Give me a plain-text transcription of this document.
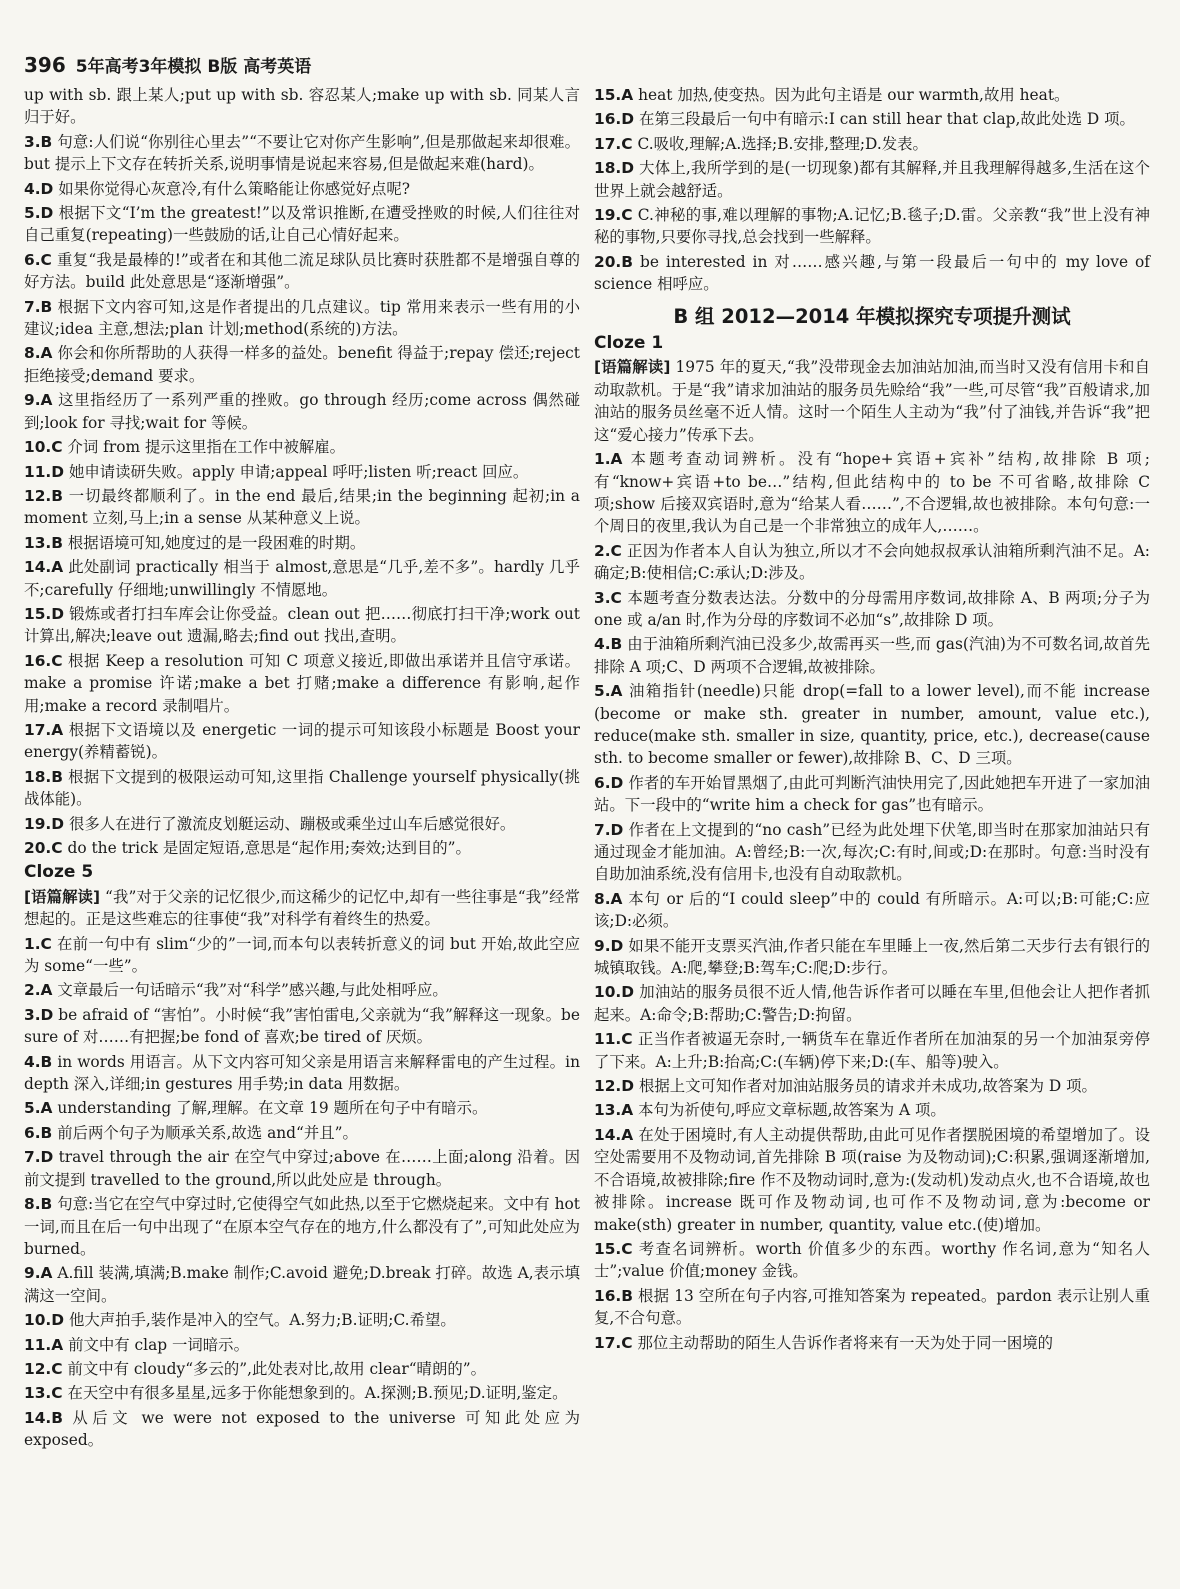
396 5年高考3年模拟 B版 高考英语
up with sb. 跟上某人;put up with sb. 容忍某人;make up with sb. 同某人言归于好。
3.B 句意:人们说“你别往心里去”“不要让它对你产生影响”,但是那做起来却很难。but 提示上下文存在转折关系,说明事情是说起来容易,但是做起来难(hard)。
4.D 如果你觉得心灰意冷,有什么策略能让你感觉好点呢?
5.D 根据下文“I’m the greatest!”以及常识推断,在遭受挫败的时候,人们往往对自己重复(repeating)一些鼓励的话,让自己心情好起来。
6.C 重复“我是最棒的!”或者在和其他二流足球队员比赛时获胜都不是增强自尊的好方法。build 此处意思是“逐渐增强”。
7.B 根据下文内容可知,这是作者提出的几点建议。tip 常用来表示一些有用的小建议;idea 主意,想法;plan 计划;method(系统的)方法。
8.A 你会和你所帮助的人获得一样多的益处。benefit 得益于;repay 偿还;reject 拒绝接受;demand 要求。
9.A 这里指经历了一系列严重的挫败。go through 经历;come across 偶然碰到;look for 寻找;wait for 等候。
10.C 介词 from 提示这里指在工作中被解雇。
11.D 她申请读研失败。apply 申请;appeal 呼吁;listen 听;react 回应。
12.B 一切最终都顺利了。in the end 最后,结果;in the beginning 起初;in a moment 立刻,马上;in a sense 从某种意义上说。
13.B 根据语境可知,她度过的是一段困难的时期。
14.A 此处副词 practically 相当于 almost,意思是“几乎,差不多”。hardly 几乎不;carefully 仔细地;unwillingly 不情愿地。
15.D 锻炼或者打扫车库会让你受益。clean out 把……彻底打扫干净;work out 计算出,解决;leave out 遗漏,略去;find out 找出,查明。
16.C 根据 Keep a resolution 可知 C 项意义接近,即做出承诺并且信守承诺。make a promise 许诺;make a bet 打赌;make a difference 有影响,起作用;make a record 录制唱片。
17.A 根据下文语境以及 energetic 一词的提示可知该段小标题是 Boost your energy(养精蓄锐)。
18.B 根据下文提到的极限运动可知,这里指 Challenge yourself physically(挑战体能)。
19.D 很多人在进行了激流皮划艇运动、蹦极或乘坐过山车后感觉很好。
20.C do the trick 是固定短语,意思是“起作用;奏效;达到目的”。
Cloze 5
[语篇解读] “我”对于父亲的记忆很少,而这稀少的记忆中,却有一些往事是“我”经常想起的。正是这些难忘的往事使“我”对科学有着终生的热爱。
1.C 在前一句中有 slim“少的”一词,而本句以表转折意义的词 but 开始,故此空应为 some“一些”。
2.A 文章最后一句话暗示“我”对“科学”感兴趣,与此处相呼应。
3.D be afraid of “害怕”。小时候“我”害怕雷电,父亲就为“我”解释这一现象。be sure of 对……有把握;be fond of 喜欢;be tired of 厌烦。
4.B in words 用语言。从下文内容可知父亲是用语言来解释雷电的产生过程。in depth 深入,详细;in gestures 用手势;in data 用数据。
5.A understanding 了解,理解。在文章 19 题所在句子中有暗示。
6.B 前后两个句子为顺承关系,故选 and“并且”。
7.D travel through the air 在空气中穿过;above 在……上面;along 沿着。因前文提到 travelled to the ground,所以此处应是 through。
8.B 句意:当它在空气中穿过时,它使得空气如此热,以至于它燃烧起来。文中有 hot 一词,而且在后一句中出现了“在原本空气存在的地方,什么都没有了”,可知此处应为 burned。
9.A A.fill 装满,填满;B.make 制作;C.avoid 避免;D.break 打碎。故选 A,表示填满这一空间。
10.D 他大声拍手,装作是冲入的空气。A.努力;B.证明;C.希望。
11.A 前文中有 clap 一词暗示。
12.C 前文中有 cloudy“多云的”,此处表对比,故用 clear“晴朗的”。
13.C 在天空中有很多星星,远多于你能想象到的。A.探测;B.预见;D.证明,鉴定。
14.B 从后文 we were not exposed to the universe 可知此处应为 exposed。
15.A heat 加热,使变热。因为此句主语是 our warmth,故用 heat。
16.D 在第三段最后一句中有暗示:I can still hear that clap,故此处选 D 项。
17.C C.吸收,理解;A.选择;B.安排,整理;D.发表。
18.D 大体上,我所学到的是(一切现象)都有其解释,并且我理解得越多,生活在这个世界上就会越舒适。
19.C C.神秘的事,难以理解的事物;A.记忆;B.毯子;D.雷。父亲教“我”世上没有神秘的事物,只要你寻找,总会找到一些解释。
20.B be interested in 对……感兴趣,与第一段最后一句中的 my love of science 相呼应。
B 组 2012—2014 年模拟探究专项提升测试
Cloze 1
[语篇解读] 1975 年的夏天,“我”没带现金去加油站加油,而当时又没有信用卡和自动取款机。于是“我”请求加油站的服务员先赊给“我”一些,可尽管“我”百般请求,加油站的服务员丝毫不近人情。这时一个陌生人主动为“我”付了油钱,并告诉“我”把这“爱心接力”传承下去。
1.A 本题考查动词辨析。没有“hope+宾语+宾补”结构,故排除 B 项;有“know+宾语+to be…”结构,但此结构中的 to be 不可省略,故排除 C 项;show 后接双宾语时,意为“给某人看……”,不合逻辑,故也被排除。本句句意:一个周日的夜里,我认为自己是一个非常独立的成年人,……。
2.C 正因为作者本人自认为独立,所以才不会向她叔叔承认油箱所剩汽油不足。A:确定;B:使相信;C:承认;D:涉及。
3.C 本题考查分数表达法。分数中的分母需用序数词,故排除 A、B 两项;分子为 one 或 a/an 时,作为分母的序数词不必加“s”,故排除 D 项。
4.B 由于油箱所剩汽油已没多少,故需再买一些,而 gas(汽油)为不可数名词,故首先排除 A 项;C、D 两项不合逻辑,故被排除。
5.A 油箱指针(needle)只能 drop(=fall to a lower level),而不能 increase (become or make sth. greater in number, amount, value etc.), reduce(make sth. smaller in size, quantity, price, etc.), decrease(cause sth. to become smaller or fewer),故排除 B、C、D 三项。
6.D 作者的车开始冒黑烟了,由此可判断汽油快用完了,因此她把车开进了一家加油站。下一段中的“write him a check for gas”也有暗示。
7.D 作者在上文提到的“no cash”已经为此处埋下伏笔,即当时在那家加油站只有通过现金才能加油。A:曾经;B:一次,每次;C:有时,间或;D:在那时。句意:当时没有自助加油系统,没有信用卡,也没有自动取款机。
8.A 本句 or 后的“I could sleep”中的 could 有所暗示。A:可以;B:可能;C:应该;D:必须。
9.D 如果不能开支票买汽油,作者只能在车里睡上一夜,然后第二天步行去有银行的城镇取钱。A:爬,攀登;B:驾车;C:爬;D:步行。
10.D 加油站的服务员很不近人情,他告诉作者可以睡在车里,但他会让人把作者抓起来。A:命令;B:帮助;C:警告;D:拘留。
11.C 正当作者被逼无奈时,一辆货车在靠近作者所在加油泵的另一个加油泵旁停了下来。A:上升;B:抬高;C:(车辆)停下来;D:(车、船等)驶入。
12.D 根据上文可知作者对加油站服务员的请求并未成功,故答案为 D 项。
13.A 本句为祈使句,呼应文章标题,故答案为 A 项。
14.A 在处于困境时,有人主动提供帮助,由此可见作者摆脱困境的希望增加了。设空处需要用不及物动词,首先排除 B 项(raise 为及物动词);C:积累,强调逐渐增加,不合语境,故被排除;fire 作不及物动词时,意为:(发动机)发动点火,也不合语境,故也被排除。increase 既可作及物动词,也可作不及物动词,意为:become or make(sth) greater in number, quantity, value etc.(使)增加。
15.C 考查名词辨析。worth 价值多少的东西。worthy 作名词,意为“知名人士”;value 价值;money 金钱。
16.B 根据 13 空所在句子内容,可推知答案为 repeated。pardon 表示让别人重复,不合句意。
17.C 那位主动帮助的陌生人告诉作者将来有一天为处于同一困境的
